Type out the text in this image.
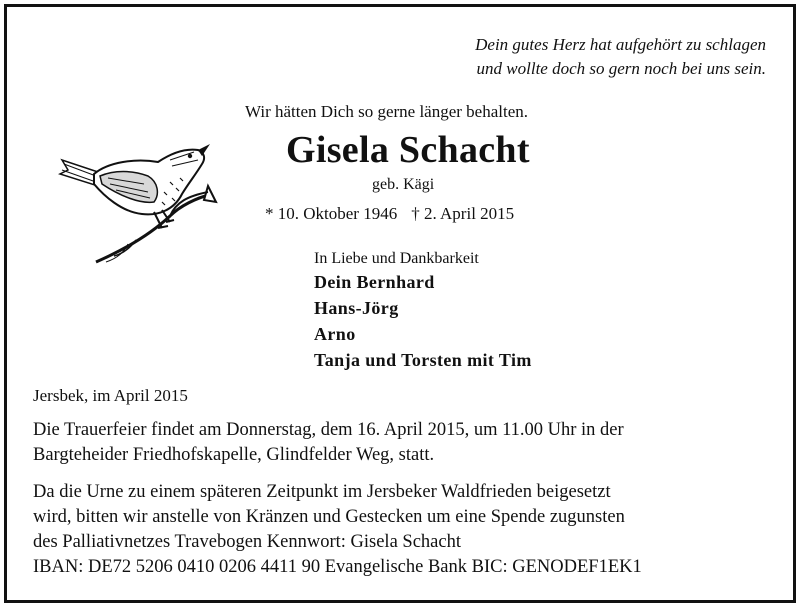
Dein gutes Herz hat aufgehört zu schlagen
und wollte doch so gern noch bei uns sein.
Wir hätten Dich so gerne länger behalten.
Gisela Schacht
geb. Kägi
* 10. Oktober 1946 † 2. April 2015
In Liebe und Dankbarkeit
Dein Bernhard
Hans-Jörg
Arno
Tanja und Torsten mit Tim
Jersbek, im April 2015
Die Trauerfeier findet am Donnerstag, dem 16. April 2015, um 11.00 Uhr in der
Bargteheider Friedhofskapelle, Glindfelder Weg, statt.
Da die Urne zu einem späteren Zeitpunkt im Jersbeker Waldfrieden beigesetzt
wird, bitten wir anstelle von Kränzen und Gestecken um eine Spende zugunsten
des Palliativnetzes Travebogen Kennwort: Gisela Schacht
IBAN: DE72 5206 0410 0206 4411 90 Evangelische Bank BIC: GENODEF1EK1
